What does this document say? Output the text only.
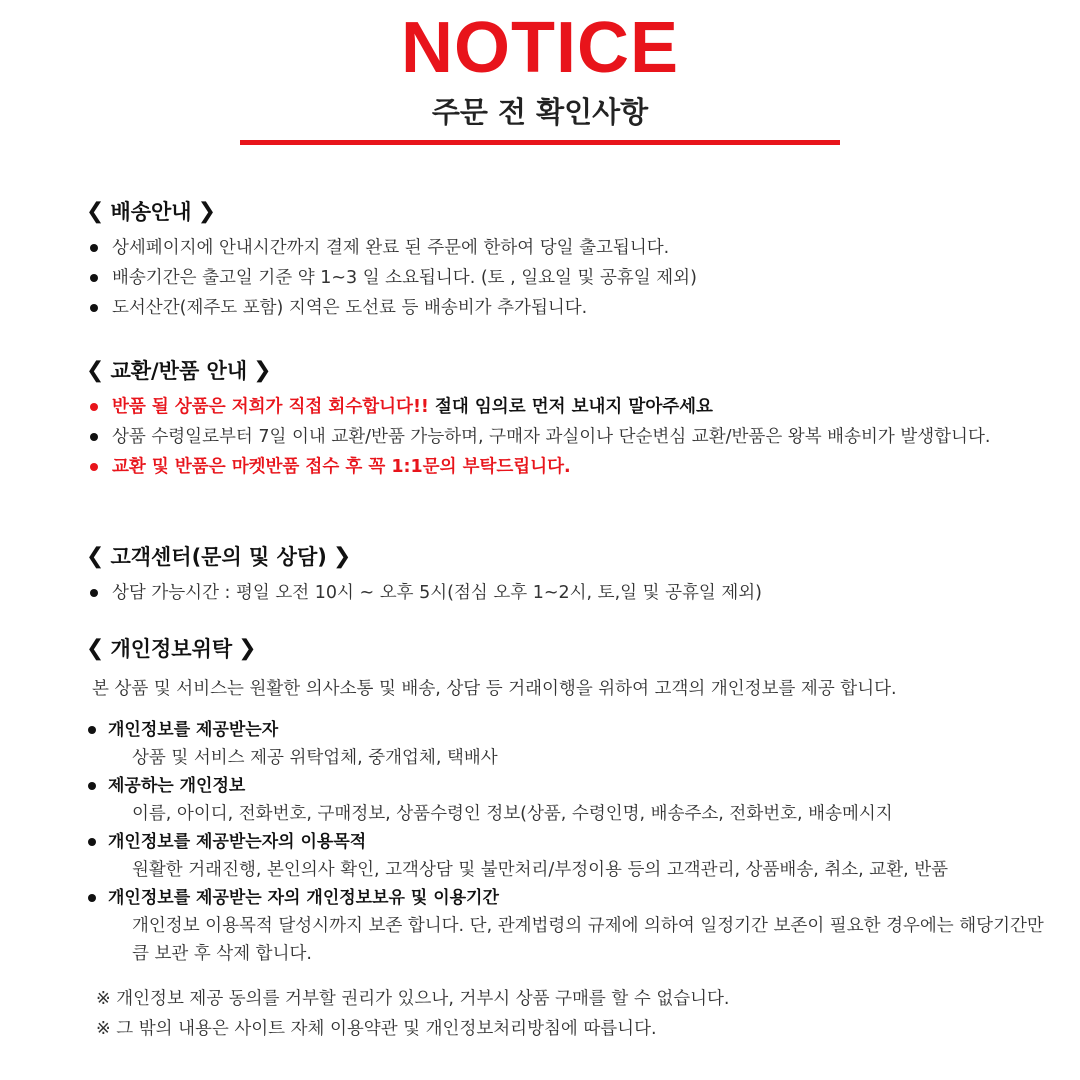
NOTICE
주문 전 확인사항
❮ 배송안내 ❯
상세페이지에 안내시간까지 결제 완료 된 주문에 한하여 당일 출고됩니다.
배송기간은 출고일 기준 약 1~3 일 소요됩니다. (토 , 일요일 및 공휴일 제외)
도서산간(제주도 포함) 지역은 도선료 등 배송비가 추가됩니다.
❮ 교환/반품 안내 ❯
반품 될 상품은 저희가 직접 회수합니다!! 절대 임의로 먼저 보내지 말아주세요
상품 수령일로부터 7일 이내 교환/반품 가능하며, 구매자 과실이나 단순변심 교환/반품은 왕복 배송비가 발생합니다.
교환 및 반품은 마켓반품 접수 후 꼭 1:1문의 부탁드립니다.
❮ 고객센터(문의 및 상담) ❯
상담 가능시간 : 평일 오전 10시 ~ 오후 5시(점심 오후 1~2시, 토,일 및 공휴일 제외)
❮ 개인정보위탁 ❯
본 상품 및 서비스는 원활한 의사소통 및 배송, 상담 등 거래이행을 위하여 고객의 개인정보를 제공 합니다.
개인정보를 제공받는자
상품 및 서비스 제공 위탁업체, 중개업체, 택배사
제공하는 개인정보
이름, 아이디, 전화번호, 구매정보, 상품수령인 정보(상품, 수령인명, 배송주소, 전화번호, 배송메시지
개인정보를 제공받는자의 이용목적
원활한 거래진행, 본인의사 확인, 고객상담 및 불만처리/부정이용 등의 고객관리, 상품배송, 취소, 교환, 반품
개인정보를 제공받는 자의 개인정보보유 및 이용기간
개인정보 이용목적 달성시까지 보존 합니다. 단, 관계법령의 규제에 의하여 일정기간 보존이 필요한 경우에는 해당기간만큼 보관 후 삭제 합니다.
※ 개인정보 제공 동의를 거부할 권리가 있으나, 거부시 상품 구매를 할 수 없습니다.
※ 그 밖의 내용은 사이트 자체 이용약관 및 개인정보처리방침에 따릅니다.
